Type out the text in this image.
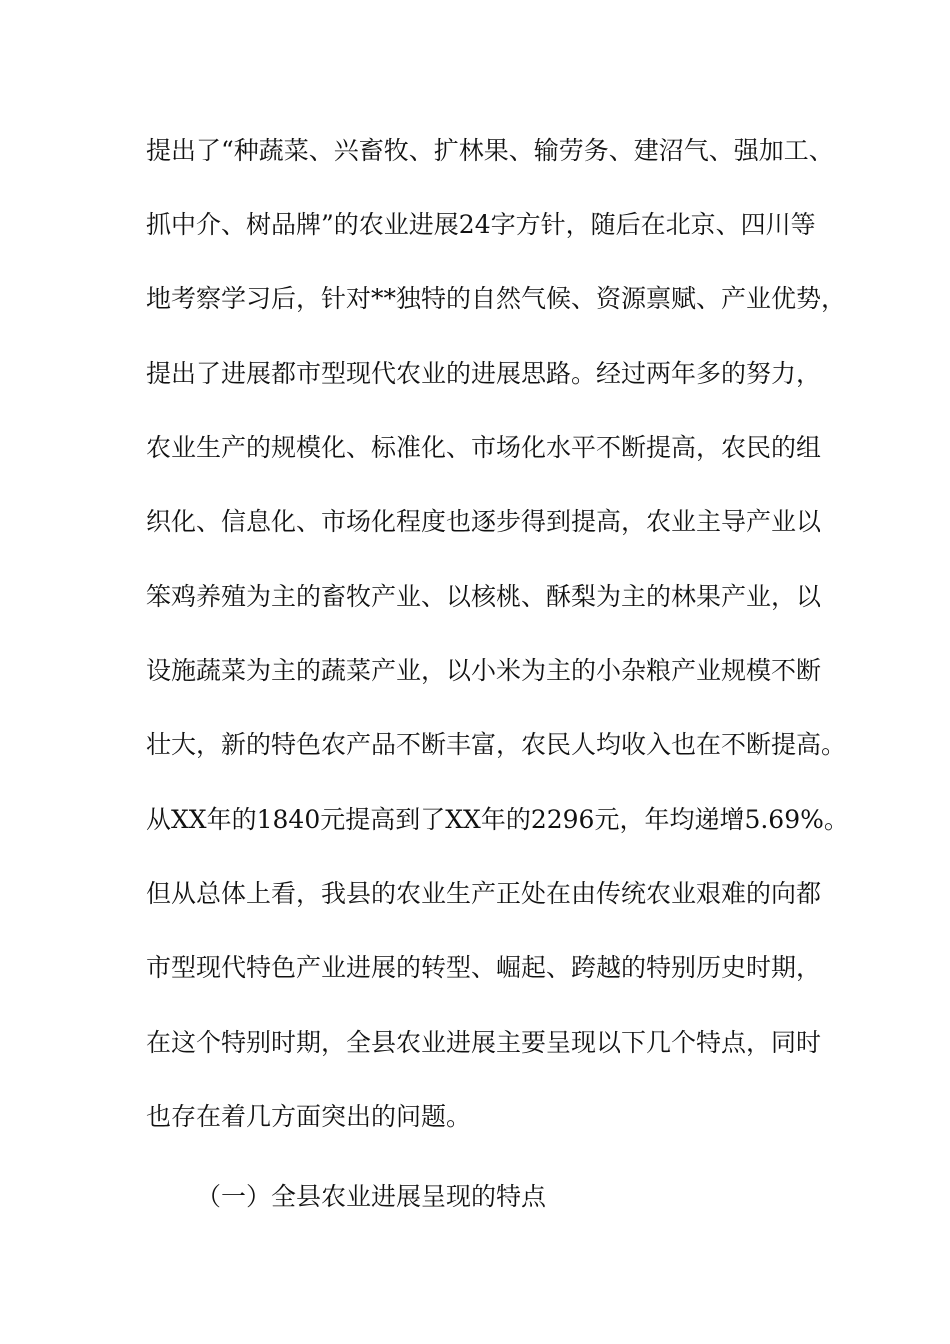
提出了“种蔬菜、兴畜牧、扩林果、输劳务、建沼气、强加工、
抓中介、树品牌”的农业进展24字方针，随后在北京、四川等
地考察学习后，针对**独特的自然气候、资源禀赋、产业优势，
提出了进展都市型现代农业的进展思路。经过两年多的努力，
农业生产的规模化、标准化、市场化水平不断提高，农民的组
织化、信息化、市场化程度也逐步得到提高，农业主导产业以
笨鸡养殖为主的畜牧产业、以核桃、酥梨为主的林果产业，以
设施蔬菜为主的蔬菜产业，以小米为主的小杂粮产业规模不断
壮大，新的特色农产品不断丰富，农民人均收入也在不断提高。
从XX年的1840元提高到了XX年的2296元，年均递增5.69%。
但从总体上看，我县的农业生产正处在由传统农业艰难的向都
市型现代特色产业进展的转型、崛起、跨越的特别历史时期，
在这个特别时期，全县农业进展主要呈现以下几个特点，同时
也存在着几方面突出的问题。
（一）全县农业进展呈现的特点
